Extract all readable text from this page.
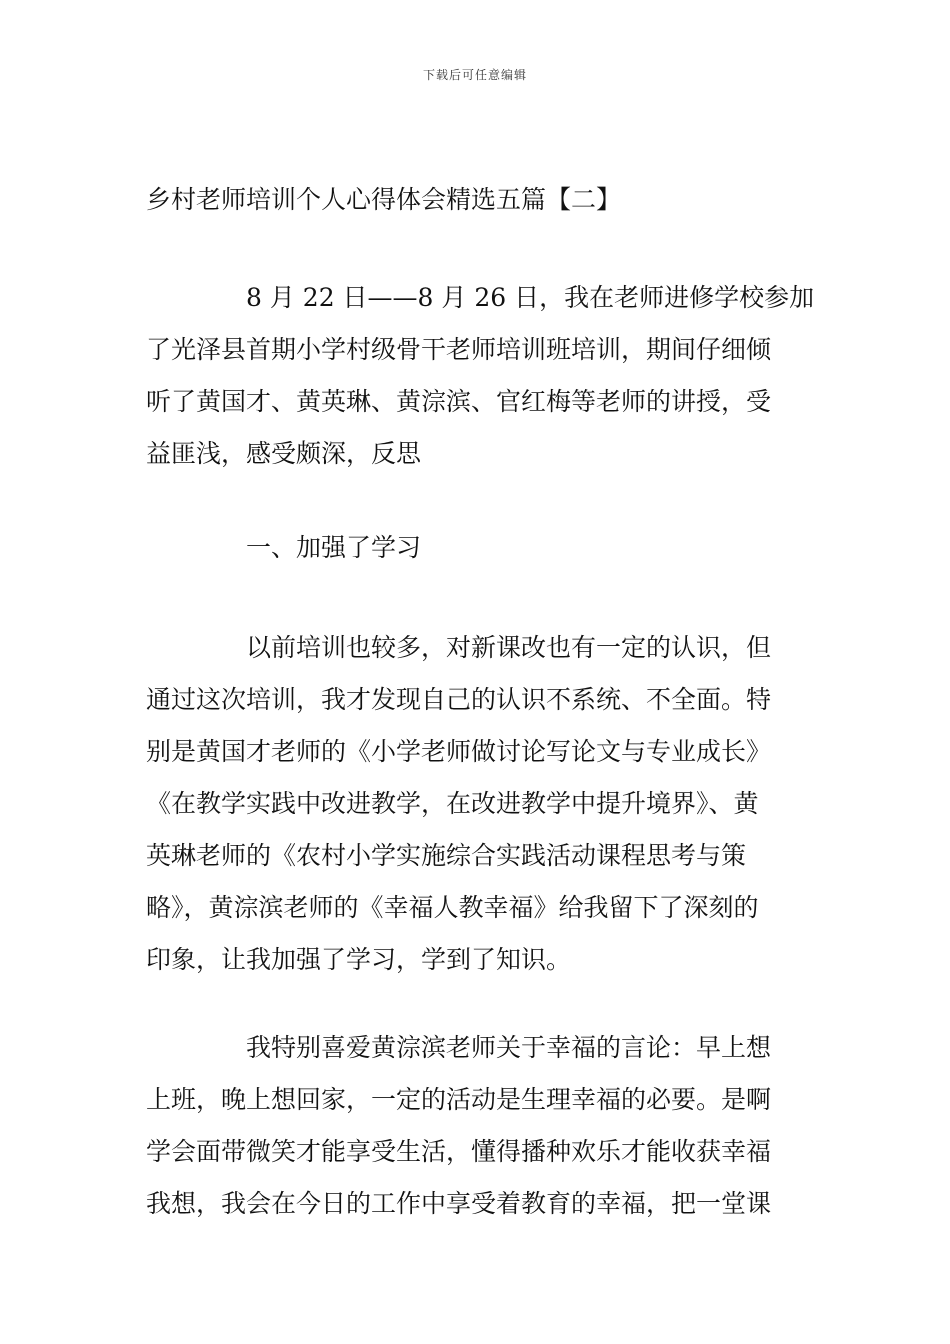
下载后可任意编辑
乡村老师培训个人心得体会精选五篇【二】
8 月 22 日——8 月 26 日，我在老师进修学校参加
了光泽县首期小学村级骨干老师培训班培训，期间仔细倾
听了黄国才、黄英琳、黄淙滨、官红梅等老师的讲授，受
益匪浅，感受颇深，反思
一、加强了学习
以前培训也较多，对新课改也有一定的认识，但
通过这次培训，我才发现自己的认识不系统、不全面。特
别是黄国才老师的《小学老师做讨论写论文与专业成长》
《在教学实践中改进教学，在改进教学中提升境界》、黄
英琳老师的《农村小学实施综合实践活动课程思考与策
略》，黄淙滨老师的《幸福人教幸福》给我留下了深刻的
印象，让我加强了学习，学到了知识。
我特别喜爱黄淙滨老师关于幸福的言论：早上想
上班，晚上想回家，一定的活动是生理幸福的必要。是啊
学会面带微笑才能享受生活，懂得播种欢乐才能收获幸福
我想，我会在今日的工作中享受着教育的幸福，把一堂课
